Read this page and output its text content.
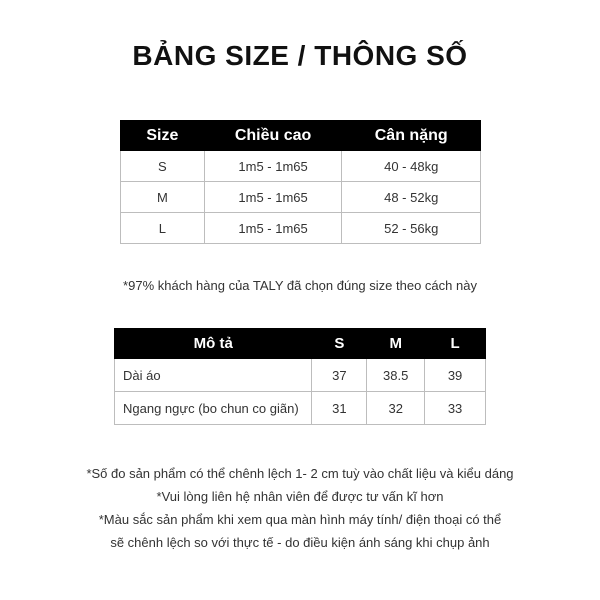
BẢNG SIZE / THÔNG SỐ
Size	Chiều cao	Cân nặng
S	1m5 - 1m65	40 - 48kg
M	1m5 - 1m65	48 - 52kg
L	1m5 - 1m65	52 - 56kg
*97% khách hàng của TALY đã chọn đúng size theo cách này
Mô tả	S	M	L
Dài áo	37	38.5	39
Ngang ngực (bo chun co giãn)	31	32	33
*Số đo sản phẩm có thể chênh lệch 1- 2 cm tuỳ vào chất liệu và kiểu dáng
*Vui lòng liên hệ nhân viên để được tư vấn kĩ hơn
*Màu sắc sản phẩm khi xem qua màn hình máy tính/ điện thoại có thể
sẽ chênh lệch so với thực tế - do điều kiện ánh sáng khi chụp ảnh
